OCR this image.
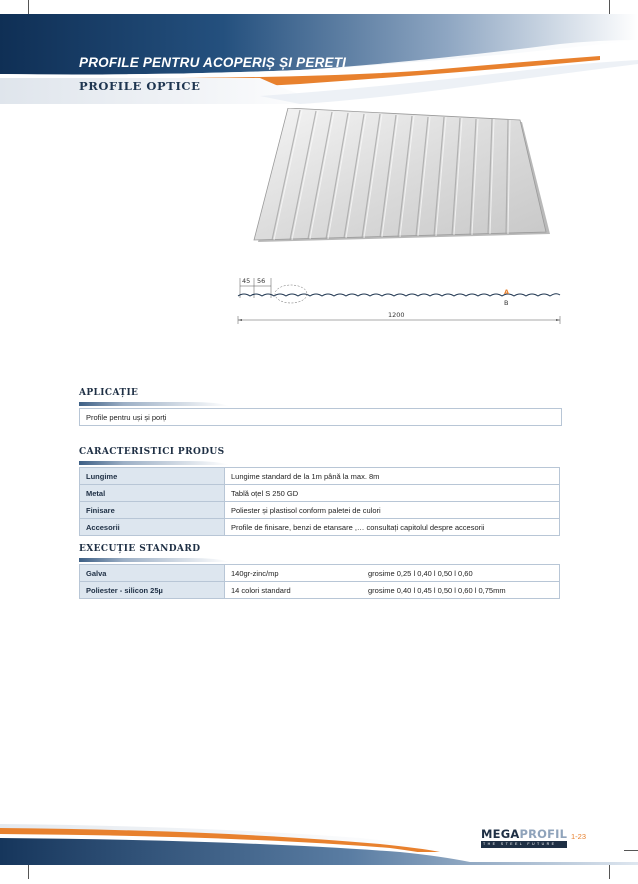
PROFILE PENTRU ACOPERIȘ ȘI PEREȚI
PROFILE OPTICE
45 56
A
B
1200
APLICAȚIE
Profile pentru uși și porți
CARACTERISTICI PRODUS
Lungime	Lungime standard de la 1m până la max. 8m
Metal	Tablă oțel S 250 GD
Finisare	Poliester și plastisol conform paletei de culori
Accesorii	Profile de finisare, benzi de etansare ,… consultați capitolul despre accesorii
EXECUȚIE STANDARD
Galva	140gr-zinc/mp	grosime 0,25 l 0,40 l 0,50 l 0,60
Poliester - silicon 25µ	14 colori standard	grosime 0,40 l 0,45 l 0,50 l 0,60 l 0,75mm
MEGAPROFIL
THE STEEL FUTURE
1-23
